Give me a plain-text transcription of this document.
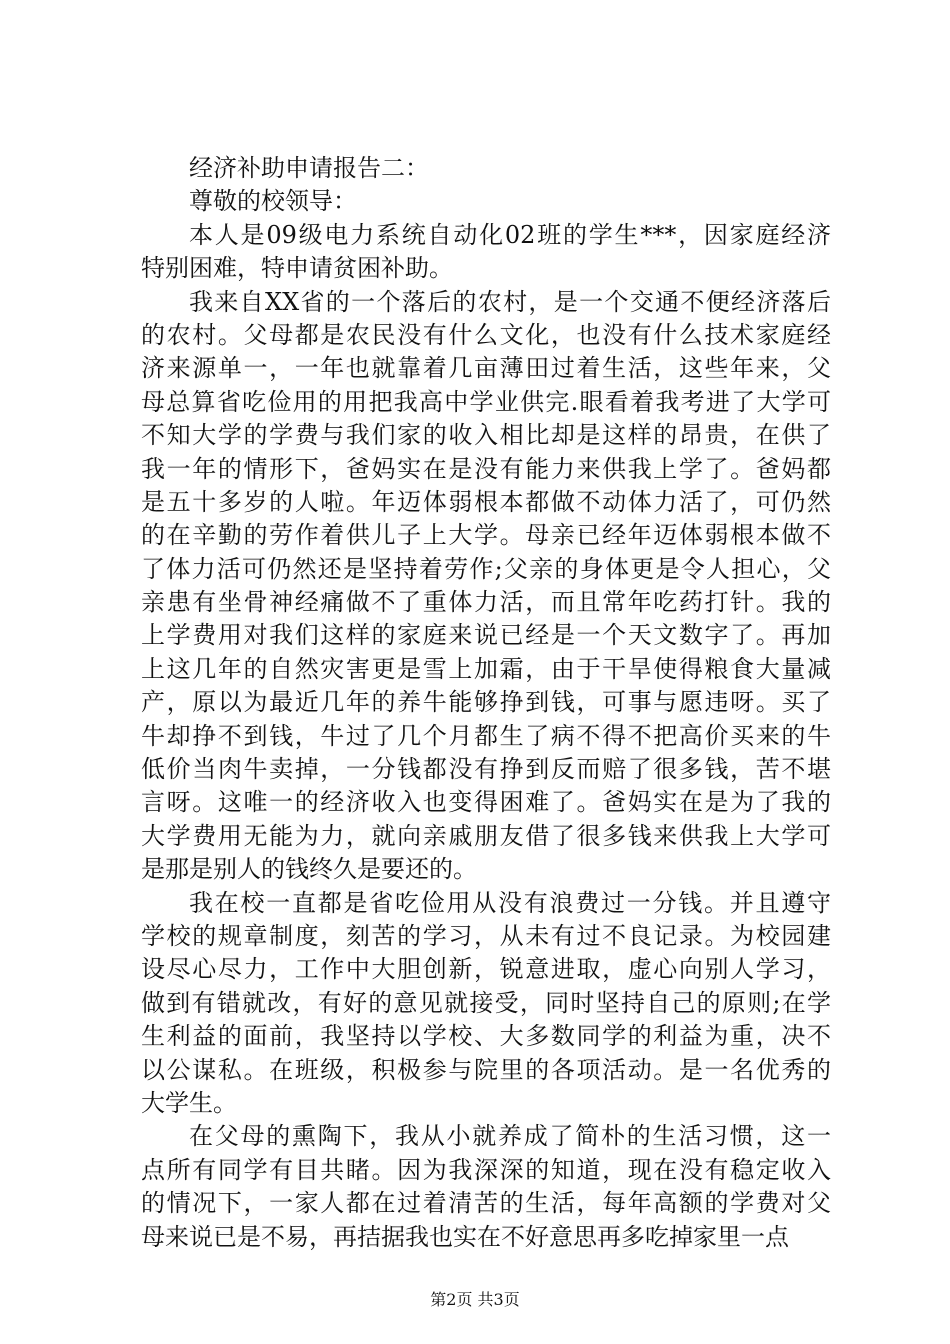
经济补助申请报告二：
尊敬的校领导：
本人是09级电力系统自动化02班的学生***，因家庭经济
特别困难，特申请贫困补助。
我来自XX省的一个落后的农村，是一个交通不便经济落后
的农村。父母都是农民没有什么文化，也没有什么技术家庭经
济来源单一，一年也就靠着几亩薄田过着生活，这些年来，父
母总算省吃俭用的用把我高中学业供完.眼看着我考进了大学可
不知大学的学费与我们家的收入相比却是这样的昂贵，在供了
我一年的情形下，爸妈实在是没有能力来供我上学了。爸妈都
是五十多岁的人啦。年迈体弱根本都做不动体力活了，可仍然
的在辛勤的劳作着供儿子上大学。母亲已经年迈体弱根本做不
了体力活可仍然还是坚持着劳作;父亲的身体更是令人担心，父
亲患有坐骨神经痛做不了重体力活，而且常年吃药打针。我的
上学费用对我们这样的家庭来说已经是一个天文数字了。再加
上这几年的自然灾害更是雪上加霜，由于干旱使得粮食大量减
产，原以为最近几年的养牛能够挣到钱，可事与愿违呀。买了
牛却挣不到钱，牛过了几个月都生了病不得不把高价买来的牛
低价当肉牛卖掉，一分钱都没有挣到反而赔了很多钱，苦不堪
言呀。这唯一的经济收入也变得困难了。爸妈实在是为了我的
大学费用无能为力，就向亲戚朋友借了很多钱来供我上大学可
是那是别人的钱终久是要还的。
我在校一直都是省吃俭用从没有浪费过一分钱。并且遵守
学校的规章制度，刻苦的学习，从未有过不良记录。为校园建
设尽心尽力，工作中大胆创新，锐意进取，虚心向别人学习，
做到有错就改，有好的意见就接受，同时坚持自己的原则;在学
生利益的面前，我坚持以学校、大多数同学的利益为重，决不
以公谋私。在班级，积极参与院里的各项活动。是一名优秀的
大学生。
在父母的熏陶下，我从小就养成了简朴的生活习惯，这一
点所有同学有目共睹。因为我深深的知道，现在没有稳定收入
的情况下，一家人都在过着清苦的生活，每年高额的学费对父
母来说已是不易，再拮据我也实在不好意思再多吃掉家里一点
第2页 共3页
